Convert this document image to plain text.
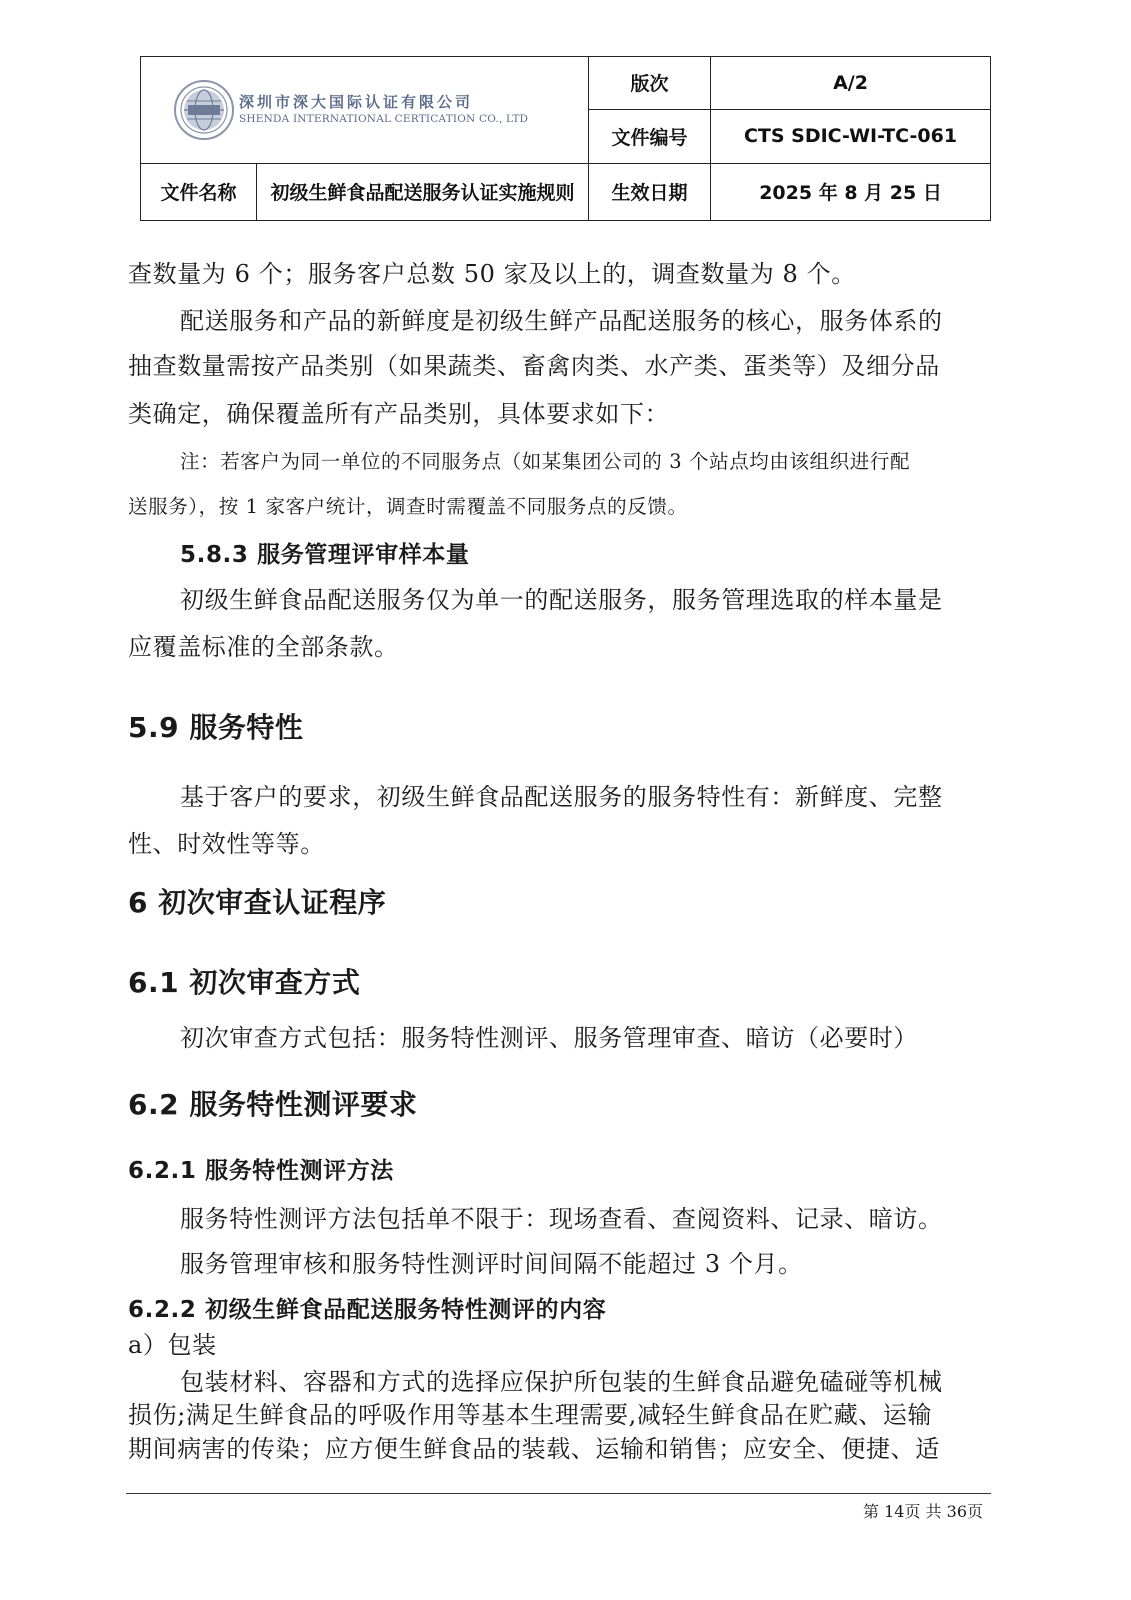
深圳市深大国际认证有限公司
SHENDA INTERNATIONAL CERTICATION CO., LTD		版次	A/2
		文件编号	CTS SDIC-WI-TC-061
文件名称	初级生鲜食品配送服务认证实施规则	生效日期	2025 年 8 月 25 日

查数量为 6 个；服务客户总数 50 家及以上的，调查数量为 8 个。

配送服务和产品的新鲜度是初级生鲜产品配送服务的核心，服务体系的

抽查数量需按产品类别（如果蔬类、畜禽肉类、水产类、蛋类等）及细分品

类确定，确保覆盖所有产品类别，具体要求如下：

注：若客户为同一单位的不同服务点（如某集团公司的 3 个站点均由该组织进行配

送服务），按 1 家客户统计，调查时需覆盖不同服务点的反馈。

5.8.3 服务管理评审样本量

初级生鲜食品配送服务仅为单一的配送服务，服务管理选取的样本量是

应覆盖标准的全部条款。

5.9 服务特性

基于客户的要求，初级生鲜食品配送服务的服务特性有：新鲜度、完整

性、时效性等等。

6 初次审查认证程序

6.1 初次审查方式

初次审查方式包括：服务特性测评、服务管理审查、暗访（必要时）

6.2 服务特性测评要求

6.2.1 服务特性测评方法

服务特性测评方法包括单不限于：现场查看、查阅资料、记录、暗访。

服务管理审核和服务特性测评时间间隔不能超过 3 个月。

6.2.2 初级生鲜食品配送服务特性测评的内容

a）包装

包装材料、容器和方式的选择应保护所包装的生鲜食品避免磕碰等机械

损伤;满足生鲜食品的呼吸作用等基本生理需要,减轻生鲜食品在贮藏、运输

期间病害的传染；应方便生鲜食品的装载、运输和销售；应安全、便捷、适

第 14页 共 36页
